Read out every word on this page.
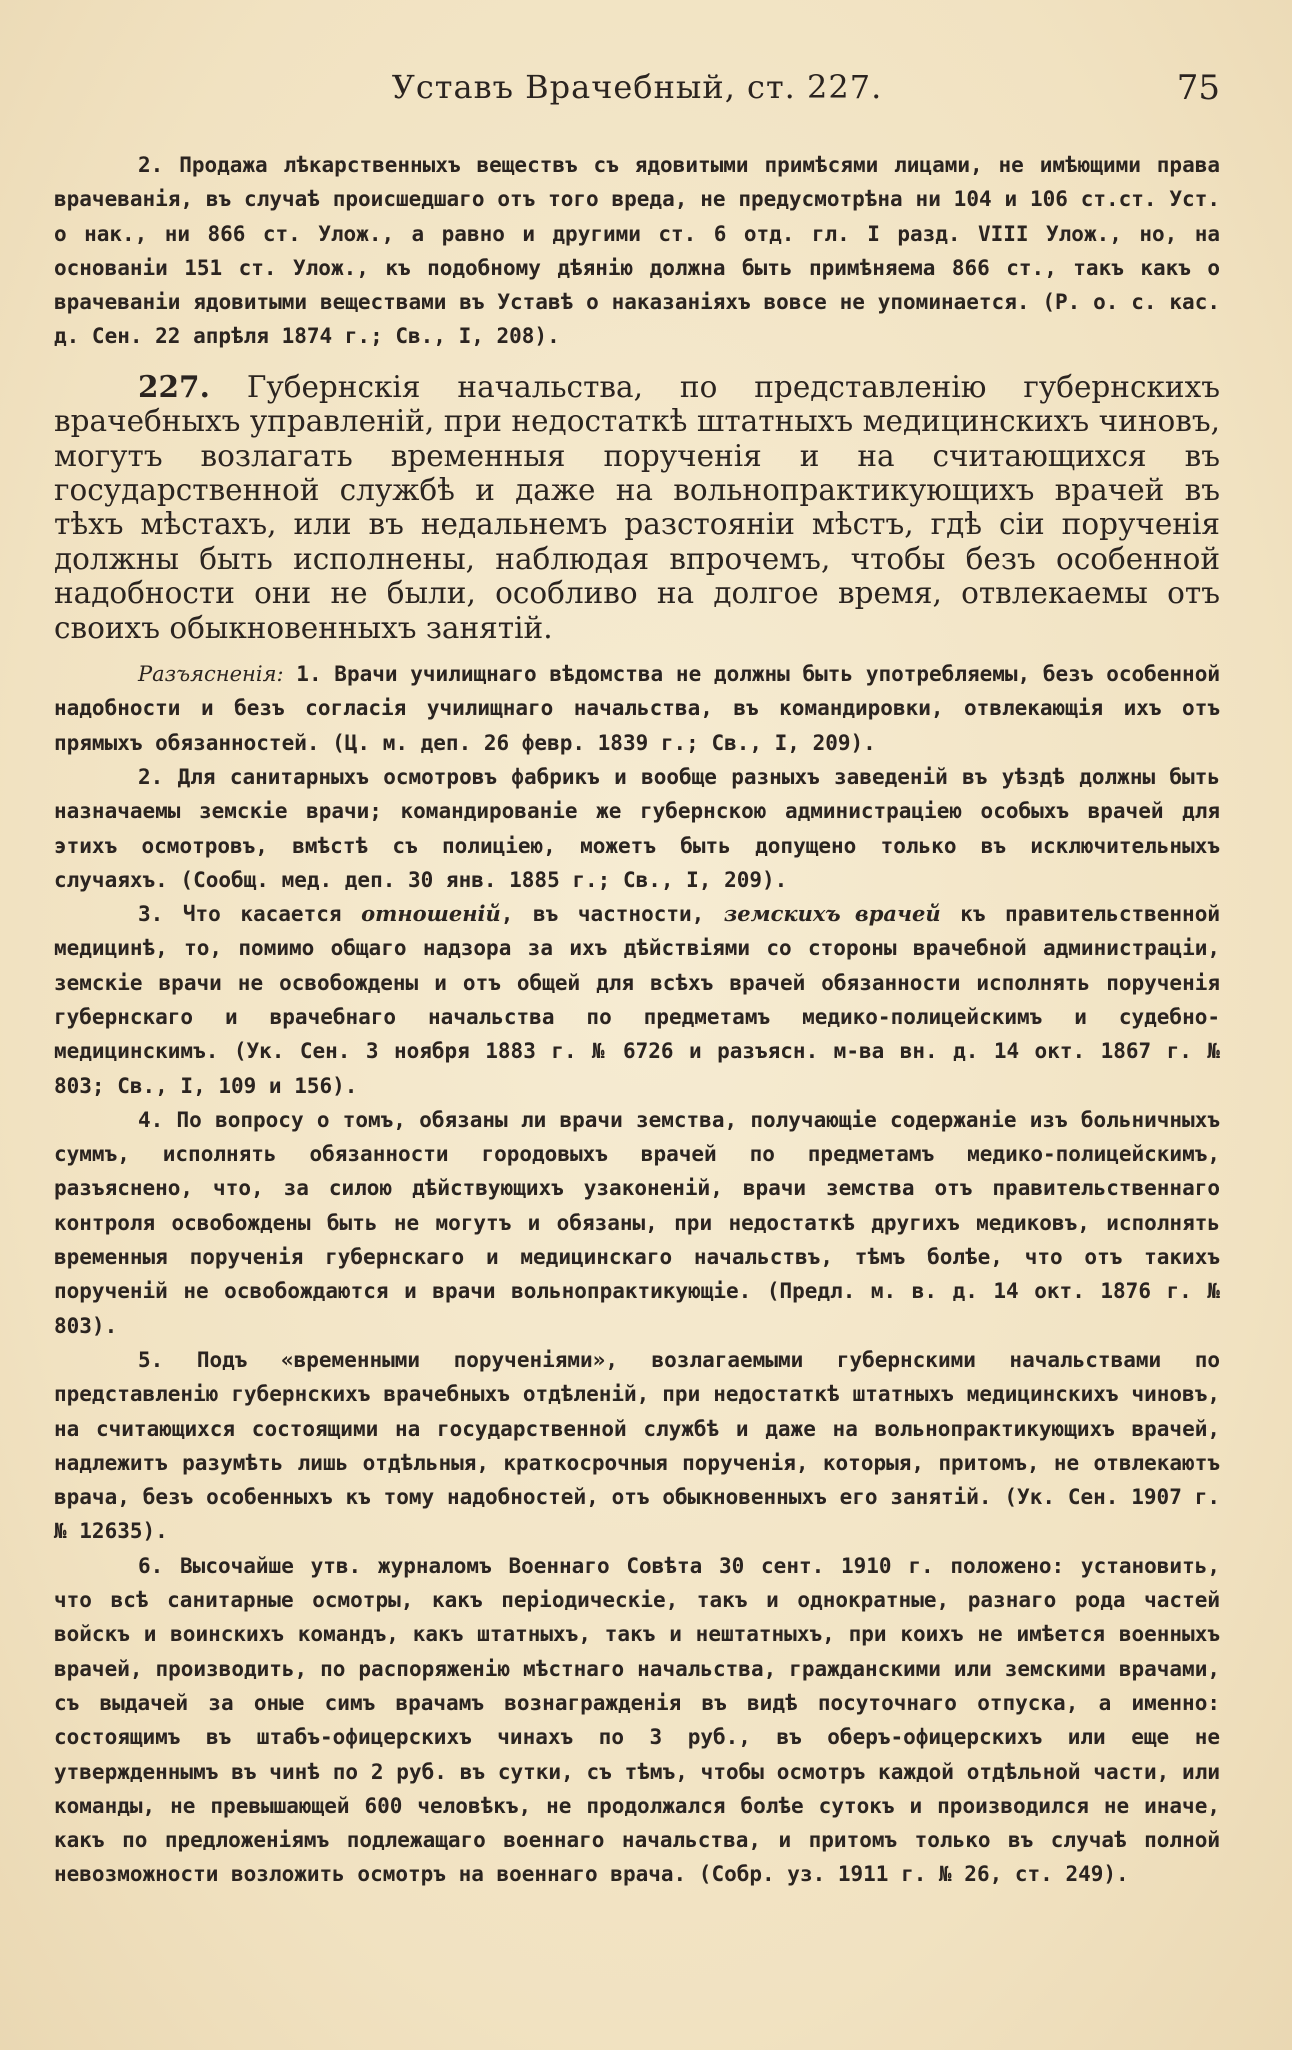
Уставъ Врачебный, ст. 227.	75

2. Продажа лѣкарственныхъ веществъ съ ядовитыми примѣсями лицами, не имѣющими права врачеванія, въ случаѣ происшедшаго отъ того вреда, не предусмотрѣна ни 104 и 106 ст.ст. Уст. о нак., ни 866 ст. Улож., а равно и другими ст. 6 отд. гл. I разд. VIII Улож., но, на основаніи 151 ст. Улож., къ подобному дѣянію должна быть примѣняема 866 ст., такъ какъ о врачеваніи ядовитыми веществами въ Уставѣ о наказаніяхъ вовсе не упоминается. (Р. о. с. кас. д. Сен. 22 апрѣля 1874 г.; Св., I, 208).

227. Губернскія начальства, по представленію губернскихъ врачебныхъ управленій, при недостаткѣ штатныхъ медицинскихъ чиновъ, могутъ возлагать временныя порученія и на считающихся въ государственной службѣ и даже на вольнопрактикующихъ врачей въ тѣхъ мѣстахъ, или въ недальнемъ разстояніи мѣстъ, гдѣ сіи порученія должны быть исполнены, наблюдая впрочемъ, чтобы безъ особенной надобности они не были, особливо на долгое время, отвлекаемы отъ своихъ обыкновенныхъ занятій.

Разъясненія: 1. Врачи училищнаго вѣдомства не должны быть употребляемы, безъ особенной надобности и безъ согласія училищнаго начальства, въ командировки, отвлекающія ихъ отъ прямыхъ обязанностей. (Ц. м. деп. 26 февр. 1839 г.; Св., I, 209).

2. Для санитарныхъ осмотровъ фабрикъ и вообще разныхъ заведеній въ уѣздѣ должны быть назначаемы земскіе врачи; командированіе же губернскою администраціею особыхъ врачей для этихъ осмотровъ, вмѣстѣ съ полиціею, можетъ быть допущено только въ исключительныхъ случаяхъ. (Сообщ. мед. деп. 30 янв. 1885 г.; Св., I, 209).

3. Что касается отношеній, въ частности, земскихъ врачей къ правительственной медицинѣ, то, помимо общаго надзора за ихъ дѣйствіями со стороны врачебной администраціи, земскіе врачи не освобождены и отъ общей для всѣхъ врачей обязанности исполнять порученія губернскаго и врачебнаго начальства по предметамъ медико-полицейскимъ и судебно-медицинскимъ. (Ук. Сен. 3 ноября 1883 г. № 6726 и разъясн. м-ва вн. д. 14 окт. 1867 г. № 803; Св., I, 109 и 156).

4. По вопросу о томъ, обязаны ли врачи земства, получающіе содержаніе изъ больничныхъ суммъ, исполнять обязанности городовыхъ врачей по предметамъ медико-полицейскимъ, разъяснено, что, за силою дѣйствующихъ узаконеній, врачи земства отъ правительственнаго контроля освобождены быть не могутъ и обязаны, при недостаткѣ другихъ медиковъ, исполнять временныя порученія губернскаго и медицинскаго начальствъ, тѣмъ болѣе, что отъ такихъ порученій не освобождаются и врачи вольнопрактикующіе. (Предл. м. в. д. 14 окт. 1876 г. № 803).

5. Подъ «временными порученіями», возлагаемыми губернскими начальствами по представленію губернскихъ врачебныхъ отдѣленій, при недостаткѣ штатныхъ медицинскихъ чиновъ, на считающихся состоящими на государственной службѣ и даже на вольнопрактикующихъ врачей, надлежитъ разумѣть лишь отдѣльныя, краткосрочныя порученія, которыя, притомъ, не отвлекаютъ врача, безъ особенныхъ къ тому надобностей, отъ обыкновенныхъ его занятій. (Ук. Сен. 1907 г. № 12635).

6. Высочайше утв. журналомъ Военнаго Совѣта 30 сент. 1910 г. положено: установить, что всѣ санитарные осмотры, какъ періодическіе, такъ и однократные, разнаго рода частей войскъ и воинскихъ командъ, какъ штатныхъ, такъ и нештатныхъ, при коихъ не имѣется военныхъ врачей, производить, по распоряженію мѣстнаго начальства, гражданскими или земскими врачами, съ выдачей за оные симъ врачамъ вознагражденія въ видѣ посуточнаго отпуска, а именно: состоящимъ въ штабъ-офицерскихъ чинахъ по 3 руб., въ оберъ-офицерскихъ или еще не утвержденнымъ въ чинѣ по 2 руб. въ сутки, съ тѣмъ, чтобы осмотръ каждой отдѣльной части, или команды, не превышающей 600 человѣкъ, не продолжался болѣе сутокъ и производился не иначе, какъ по предложеніямъ подлежащаго военнаго начальства, и притомъ только въ случаѣ полной невозможности возложить осмотръ на военнаго врача. (Собр. уз. 1911 г. № 26, ст. 249).
